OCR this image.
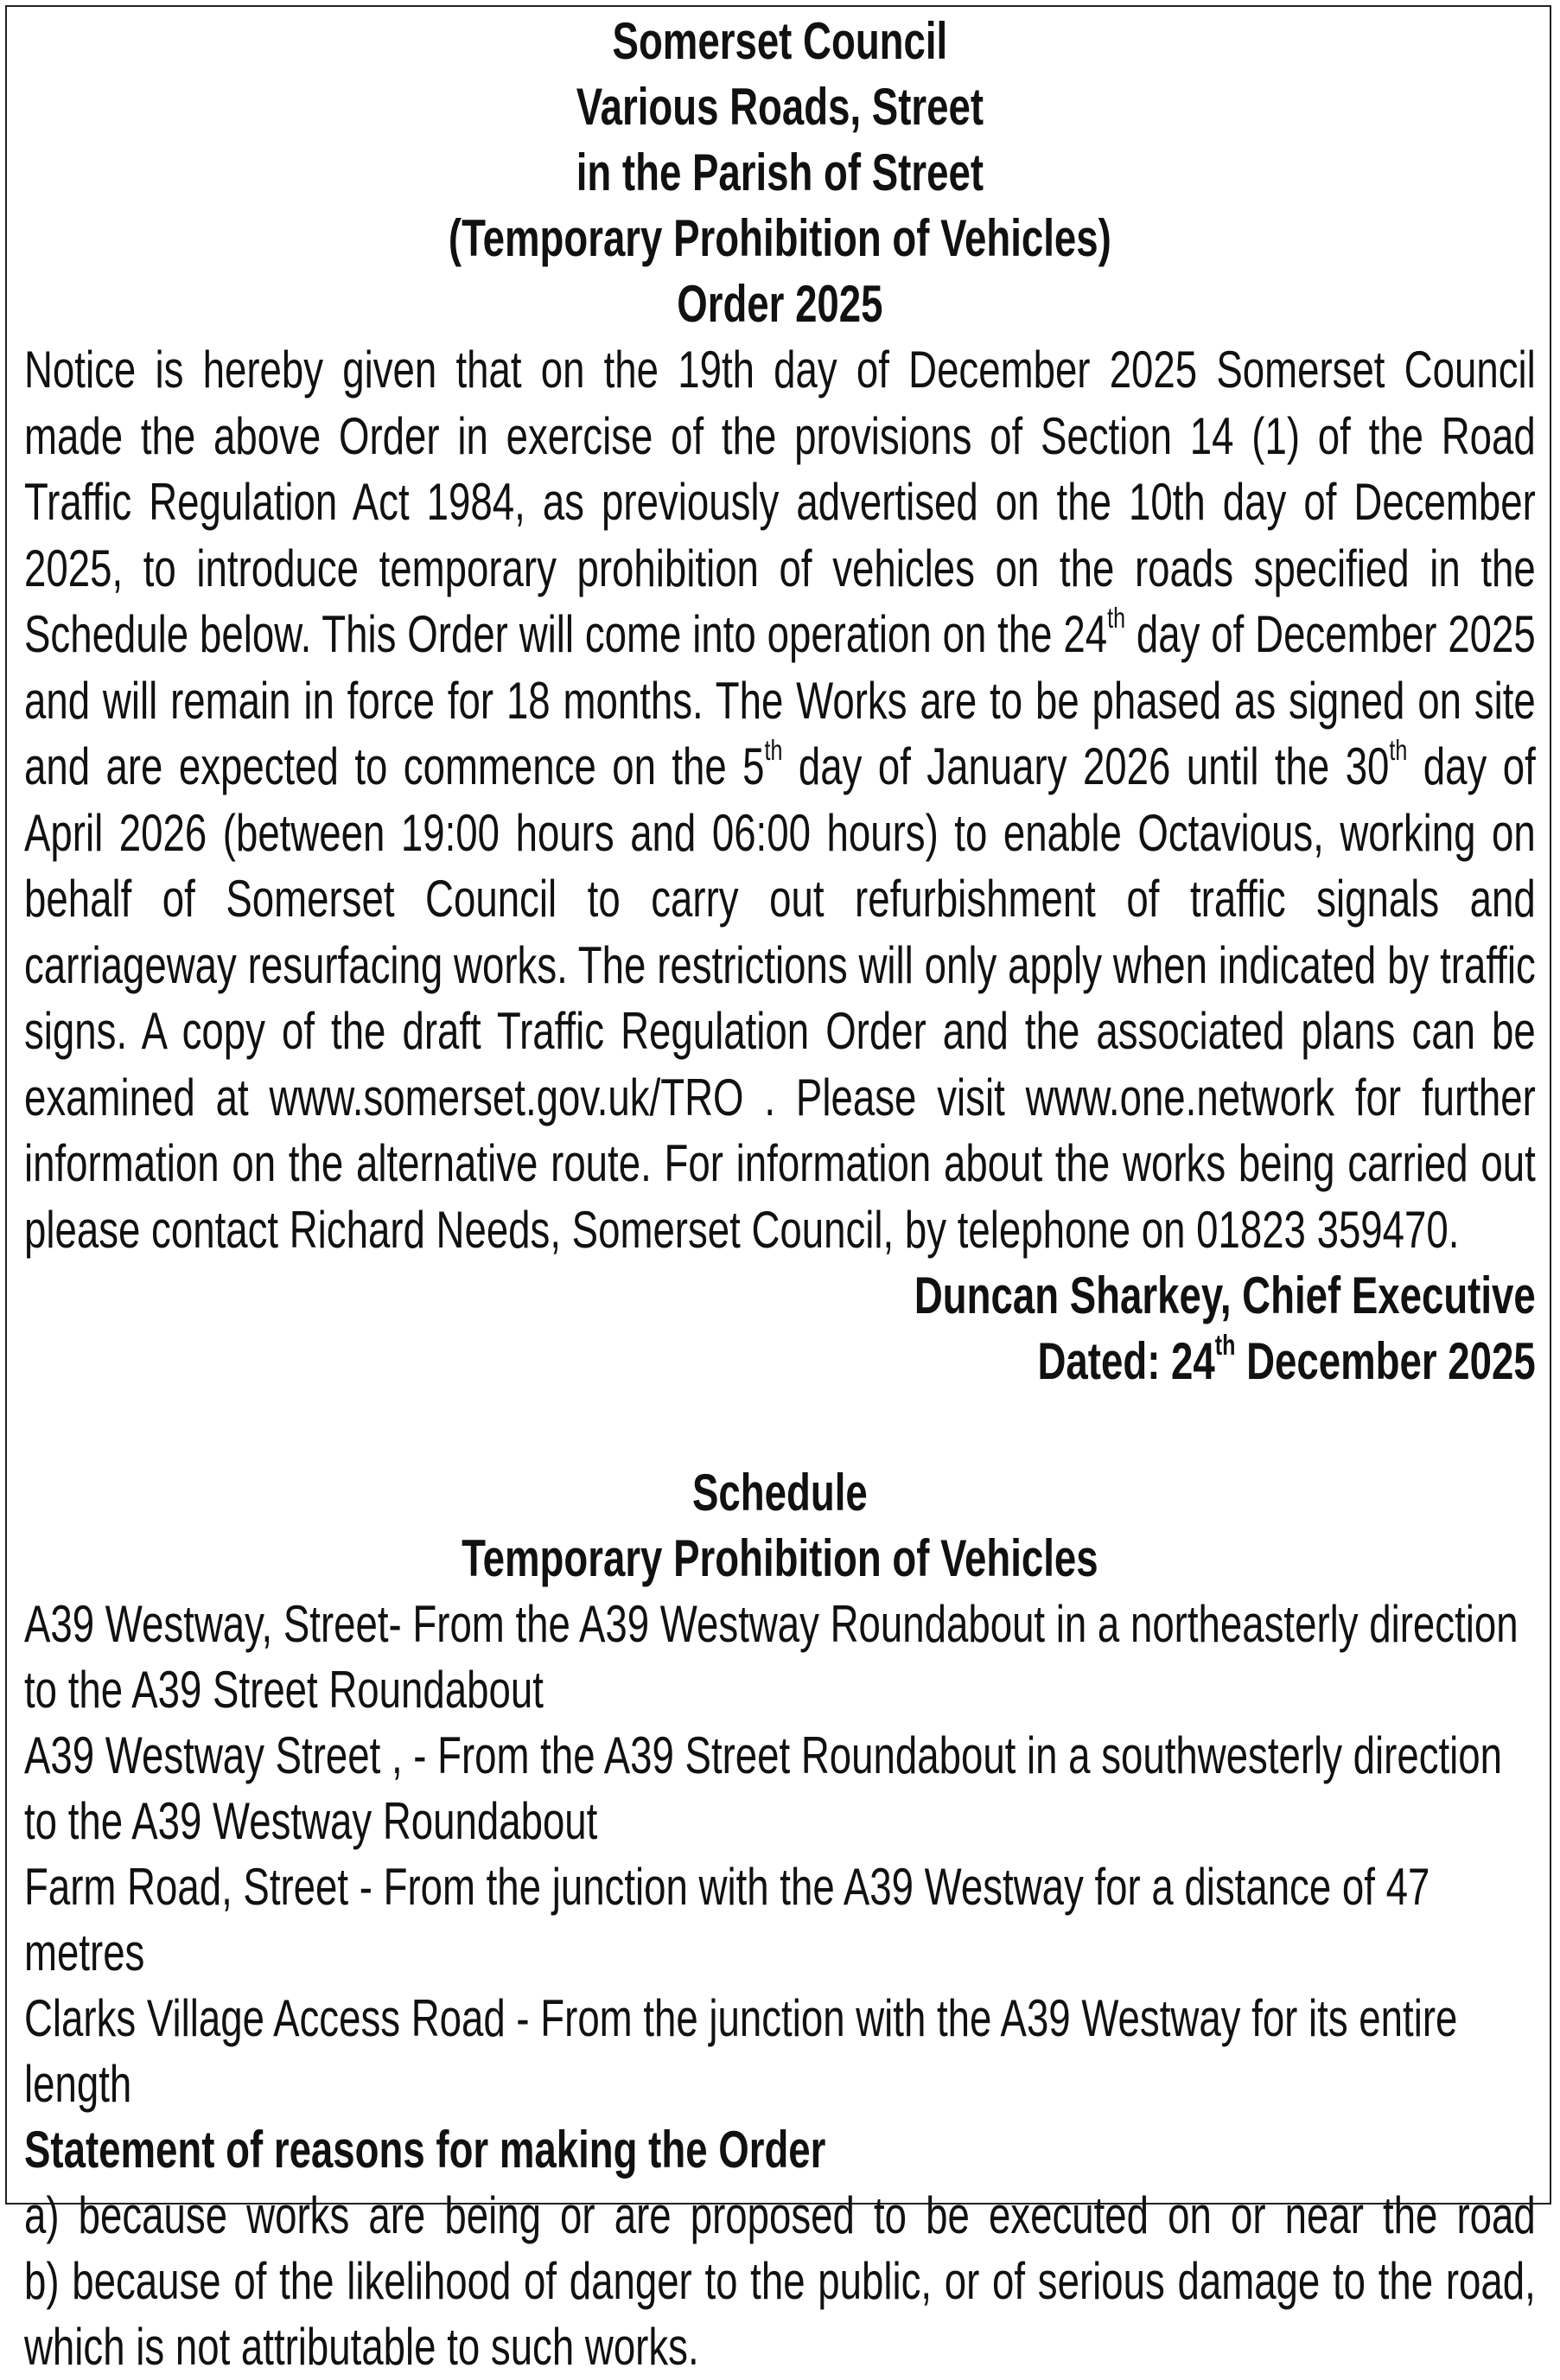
Somerset Council
Various Roads, Street
in the Parish of Street
(Temporary Prohibition of Vehicles)
Order 2025
Notice is hereby given that on the 19th day of December 2025 Somerset Council made the above Order in exercise of the provisions of Section 14 (1) of the Road Traffic Regulation Act 1984, as previously advertised on the 10th day of December 2025, to introduce temporary prohibition of vehicles on the roads specified in the Schedule below. This Order will come into operation on the 24th day of December 2025 and will remain in force for 18 months. The Works are to be phased as signed on site and are expected to commence on the 5th day of January 2026 until the 30th day of April 2026 (between 19:00 hours and 06:00 hours) to enable Octavious, working on behalf of Somerset Council to carry out refurbishment of traffic signals and carriageway resurfacing works. The restrictions will only apply when indicated by traffic signs. A copy of the draft Traffic Regulation Order and the associated plans can be examined at www.somerset.gov.uk/TRO . Please visit www.one.network for further information on the alternative route. For information about the works being carried out please contact Richard Needs, Somerset Council, by telephone on 01823 359470.
Duncan Sharkey, Chief Executive
Dated: 24th December 2025
Schedule
Temporary Prohibition of Vehicles
A39 Westway, Street- From the A39 Westway Roundabout in a northeasterly direction to the A39 Street Roundabout
A39 Westway Street , - From the A39 Street Roundabout in a southwesterly direction to the A39 Westway Roundabout
Farm Road, Street - From the junction with the A39 Westway for a distance of 47 metres
Clarks Village Access Road - From the junction with the A39 Westway for its entire length
Statement of reasons for making the Order
a) because works are being or are proposed to be executed on or near the road
b) because of the likelihood of danger to the public, or of serious damage to the road, which is not attributable to such works.
